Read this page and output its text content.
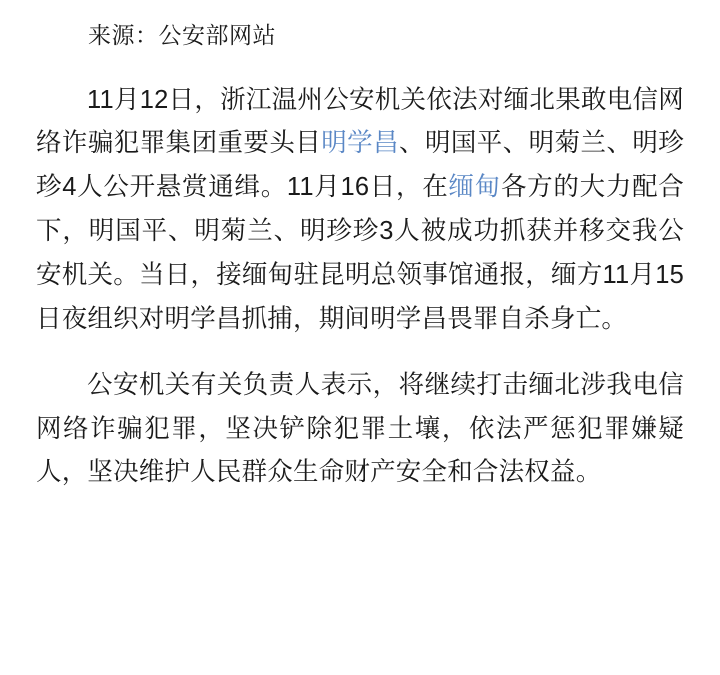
来源：公安部网站

11月12日，浙江温州公安机关依法对缅北果敢电信网络诈骗犯罪集团重要头目明学昌、明国平、明菊兰、明珍珍4人公开悬赏通缉。11月16日，在缅甸各方的大力配合下，明国平、明菊兰、明珍珍3人被成功抓获并移交我公安机关。当日，接缅甸驻昆明总领事馆通报，缅方11月15日夜组织对明学昌抓捕，期间明学昌畏罪自杀身亡。

公安机关有关负责人表示，将继续打击缅北涉我电信网络诈骗犯罪，坚决铲除犯罪土壤，依法严惩犯罪嫌疑人，坚决维护人民群众生命财产安全和合法权益。
